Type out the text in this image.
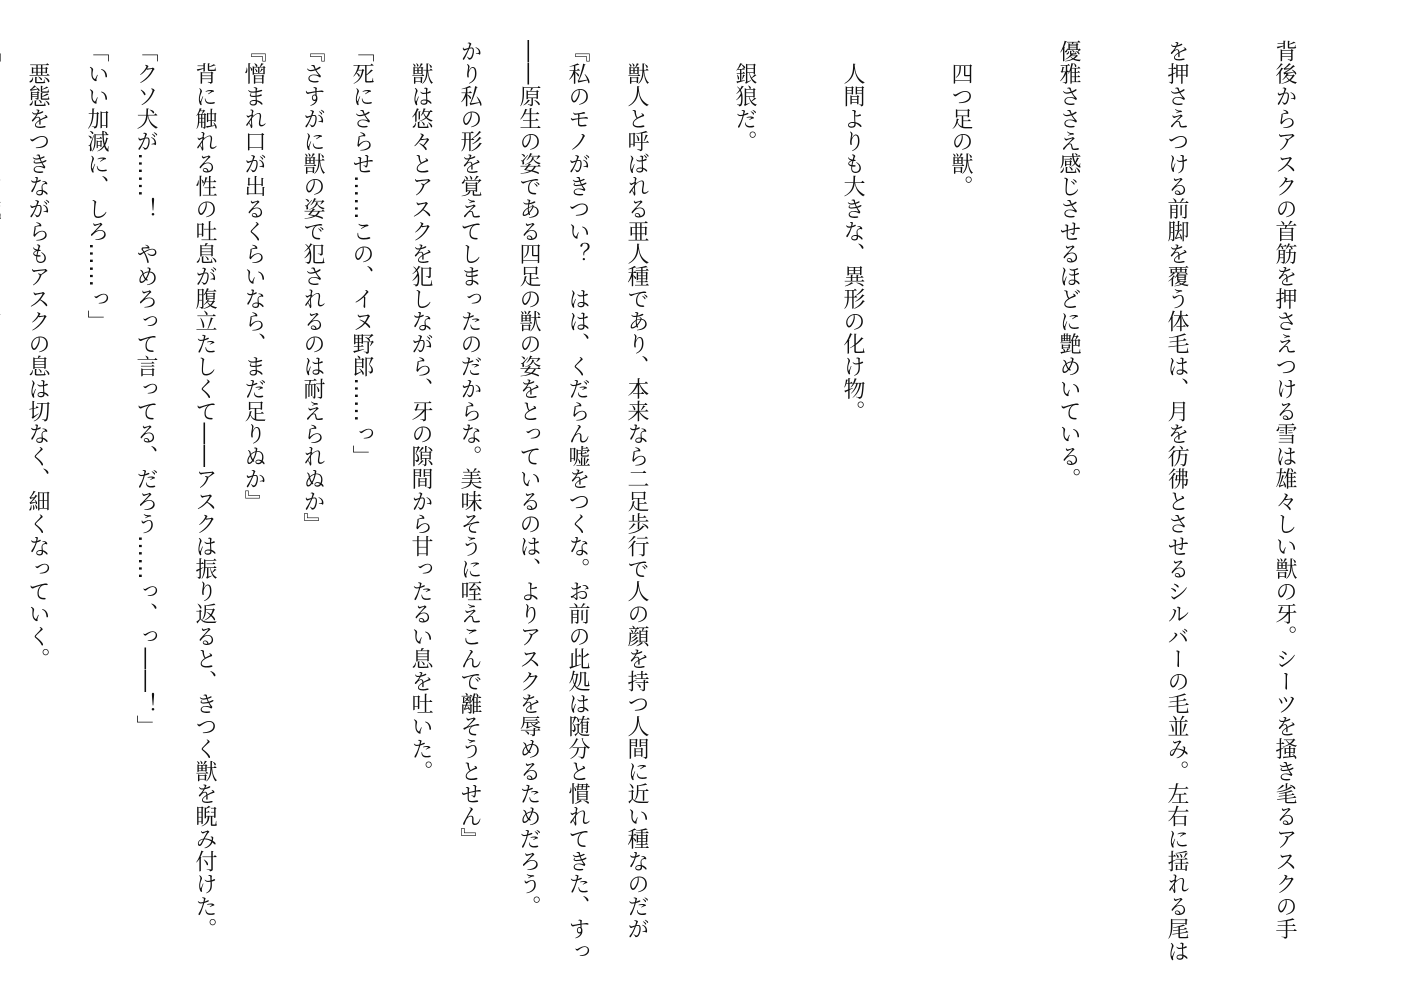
背後からアスクの首筋を押さえつける雪は雄々しい獣の牙。シーツを掻き毟るアスクの手

を押さえつける前脚を覆う体毛は、月を彷彿とさせるシルバーの毛並み。左右に揺れる尾は

優雅ささえ感じさせるほどに艶めいている。

　四つ足の獣。

　人間よりも大きな、異形の化け物。

　銀狼だ。

　獣人と呼ばれる亜人種であり、本来なら二足歩行で人の顔を持つ人間に近い種なのだが

――原生の姿である四足の獣の姿をとっているのは、よりアスクを辱めるためだろう。

　獣は悠々とアスクを犯しながら、牙の隙間から甘ったるい息を吐いた。

『さすがに獣の姿で犯されるのは耐えられぬか』

　背に触れる性の吐息が腹立たしくて――アスクは振り返ると、きつく獣を睨み付けた。

「いい加減に、しろ……っ」

	『私のモノがきつい？　はは、くだらん嘘をつくな。お前の此処は随分と慣れてきた、すっ

かり私の形を覚えてしまったのだからな。美味そうに咥えこんで離そうとせん』

「死にさらせ……この、イヌ野郎……っ」

『憎まれ口が出るくらいなら、まだ足りぬか』

「クソ犬が……！　やめろって言ってる、だろう……っ、っ――！」

　悪態をつきながらもアスクの息は切なく、細くなっていく。
